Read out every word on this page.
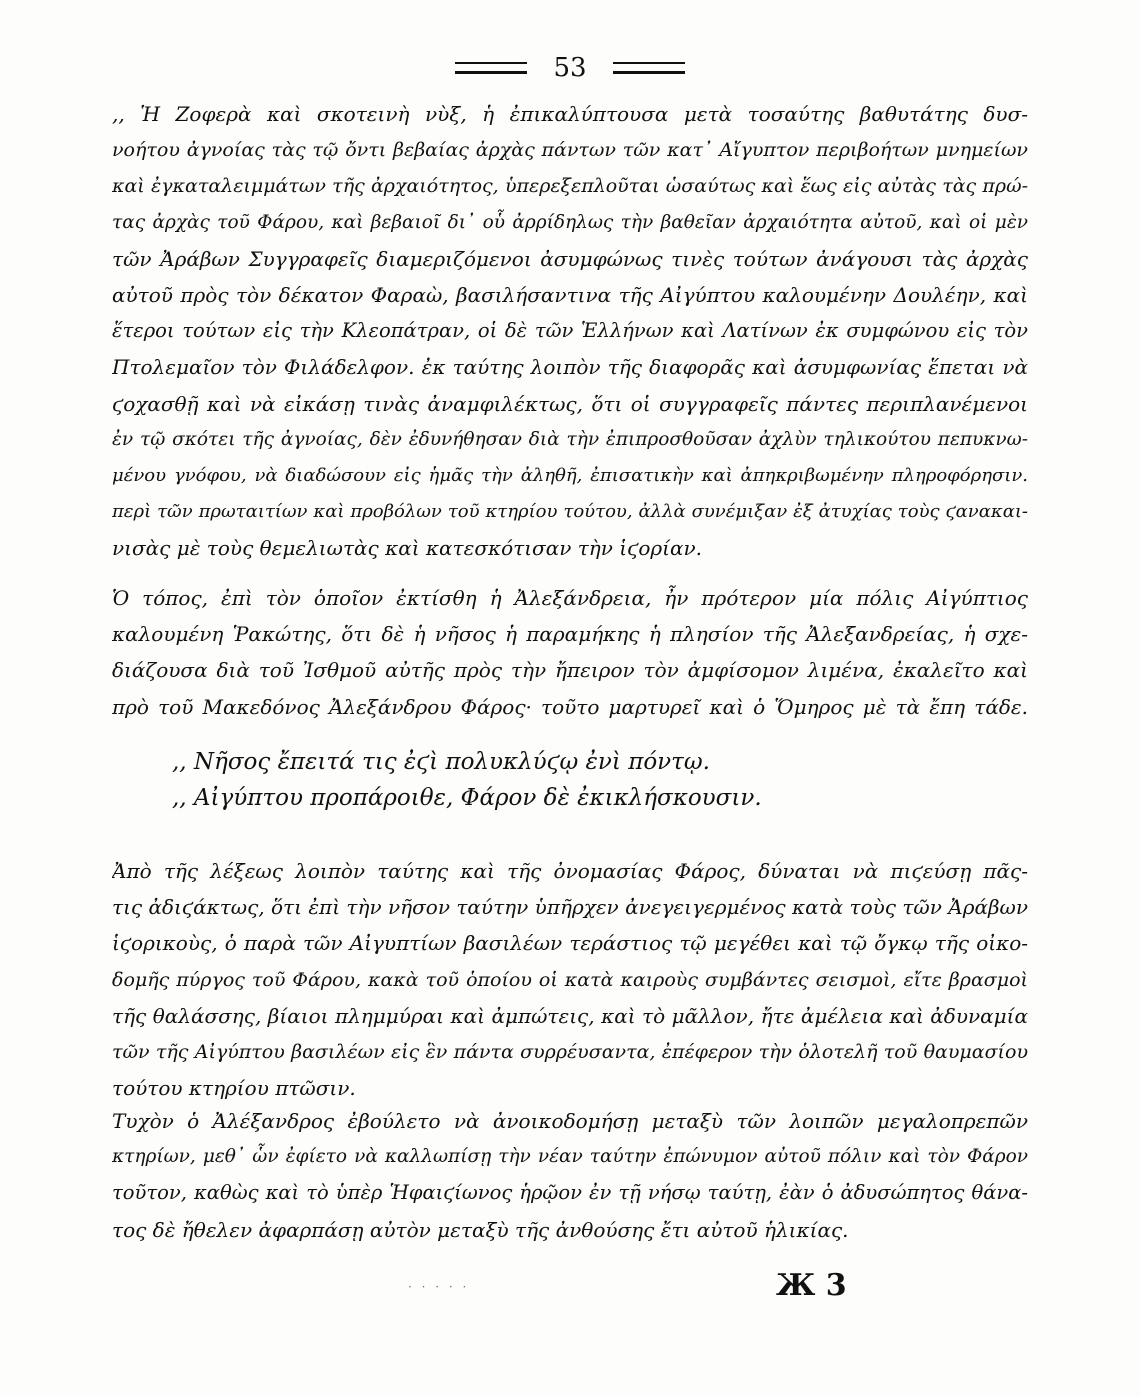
53
,, Ἡ Ζοφερὰ καὶ σκοτεινὴ νὺξ, ἡ ἐπικαλύπτουσα μετὰ τοσαύτης βαθυτάτης δυσ-
νοήτου ἀγνοίας τὰς τῷ ὄντι βεβαίας ἀρχὰς πάντων τῶν κατ᾽ Αἴγυπτον περιβοήτων μνημείων
καὶ ἐγκαταλειμμάτων τῆς ἀρχαιότητος, ὑπερεξεπλοῦται ὡσαύτως καὶ ἕως εἰς αὐτὰς τὰς πρώ-
τας ἀρχὰς τοῦ Φάρου, καὶ βεβαιοῖ δι᾽ οὗ ἀρρίδηλως τὴν βαθεῖαν ἀρχαιότητα αὐτοῦ, καὶ οἱ μὲν
τῶν Ἀράβων Συγγραφεῖς διαμεριζόμενοι ἀσυμφώνως τινὲς τούτων ἀνάγουσι τὰς ἀρχὰς
αὐτοῦ πρὸς τὸν δέκατον Φαραὼ, βασιλήσαντινα τῆς Αἰγύπτου καλουμένην Δουλέην, καὶ
ἕτεροι τούτων εἰς τὴν Κλεοπάτραν, οἱ δὲ τῶν Ἑλλήνων καὶ Λατίνων ἐκ συμφώνου εἰς τὸν
Πτολεμαῖον τὸν Φιλάδελφον. ἐκ ταύτης λοιπὸν τῆς διαφορᾶς καὶ ἀσυμφωνίας ἕπεται νὰ
ϛοχασθῇ καὶ νὰ εἰκάσῃ τινὰς ἀναμφιλέκτως, ὅτι οἱ συγγραφεῖς πάντες περιπλανέμενοι
ἐν τῷ σκότει τῆς ἀγνοίας, δὲν ἐδυνήθησαν διὰ τὴν ἐπιπροσθοῦσαν ἀχλὺν τηλικούτου πεπυκνω-
μένου γνόφου, νὰ διαδώσουν εἰς ἡμᾶς τὴν ἀληθῆ, ἐπισατικὴν καὶ ἀπηκριβωμένην πληροφόρησιν.
περὶ τῶν πρωταιτίων καὶ προβόλων τοῦ κτηρίου τούτου, ἀλλὰ συνέμιξαν ἐξ ἀτυχίας τοὺς ϛανακαι-
νισὰς μὲ τοὺς θεμελιωτὰς καὶ κατεσκότισαν τὴν ἱϛορίαν.
Ὁ τόπος, ἐπὶ τὸν ὁποῖον ἐκτίσθη ἡ Ἀλεξάνδρεια, ἦν πρότερον μία πόλις Αἰγύπτιος
καλουμένη Ῥακώτης, ὅτι δὲ ἡ νῆσος ἡ παραμήκης ἡ πλησίον τῆς Ἀλεξανδρείας, ἡ σχε-
διάζουσα διὰ τοῦ Ἰσθμοῦ αὐτῆς πρὸς τὴν ἤπειρον τὸν ἀμφίσομον λιμένα, ἐκαλεῖτο καὶ
πρὸ τοῦ Μακεδόνος Ἀλεξάνδρου Φάρος· τοῦτο μαρτυρεῖ καὶ ὁ Ὅμηρος μὲ τὰ ἔπη τάδε.
,, Νῆσος ἔπειτά τις ἐϛὶ πολυκλύϛῳ ἐνὶ πόντῳ.
,, Αἰγύπτου προπάροιθε, Φάρον δὲ ἐκικλήσκουσιν.
Ἀπὸ τῆς λέξεως λοιπὸν ταύτης καὶ τῆς ὀνομασίας Φάρος, δύναται νὰ πιϛεύσῃ πᾶς-
τις ἀδιϛάκτως, ὅτι ἐπὶ τὴν νῆσον ταύτην ὑπῆρχεν ἀνεγειγερμένος κατὰ τοὺς τῶν Ἀράβων
ἱϛορικοὺς, ὁ παρὰ τῶν Αἰγυπτίων βασιλέων τεράστιος τῷ μεγέθει καὶ τῷ ὄγκῳ τῆς οἰκο-
δομῆς πύργος τοῦ Φάρου, κακὰ τοῦ ὁποίου οἱ κατὰ καιροὺς συμβάντες σεισμοὶ, εἴτε βρασμοὶ
τῆς θαλάσσης, βίαιοι πλημμύραι καὶ ἀμπώτεις, καὶ τὸ μᾶλλον, ἤτε ἀμέλεια καὶ ἀδυναμία
τῶν τῆς Αἰγύπτου βασιλέων εἰς ἓν πάντα συρρέυσαντα, ἐπέφερον τὴν ὁλοτελῆ τοῦ θαυμασίου
τούτου κτηρίου πτῶσιν.
Τυχὸν ὁ Ἀλέξανδρος ἐβούλετο νὰ ἀνοικοδομήσῃ μεταξὺ τῶν λοιπῶν μεγαλοπρεπῶν
κτηρίων, μεθ᾽ ὧν ἐφίετο νὰ καλλωπίσῃ τὴν νέαν ταύτην ἐπώνυμον αὐτοῦ πόλιν καὶ τὸν Φάρον
τοῦτον, καθὼς καὶ τὸ ὑπὲρ Ἡφαιϛίωνος ἡρῷον ἐν τῇ νήσῳ ταύτῃ, ἐὰν ὁ ἀδυσώπητος θάνα-
τος δὲ ἤθελεν ἀφαρπάσῃ αὐτὸν μεταξὺ τῆς ἀνθούσης ἔτι αὐτοῦ ἡλικίας.
· · · · ·	Ж 3
